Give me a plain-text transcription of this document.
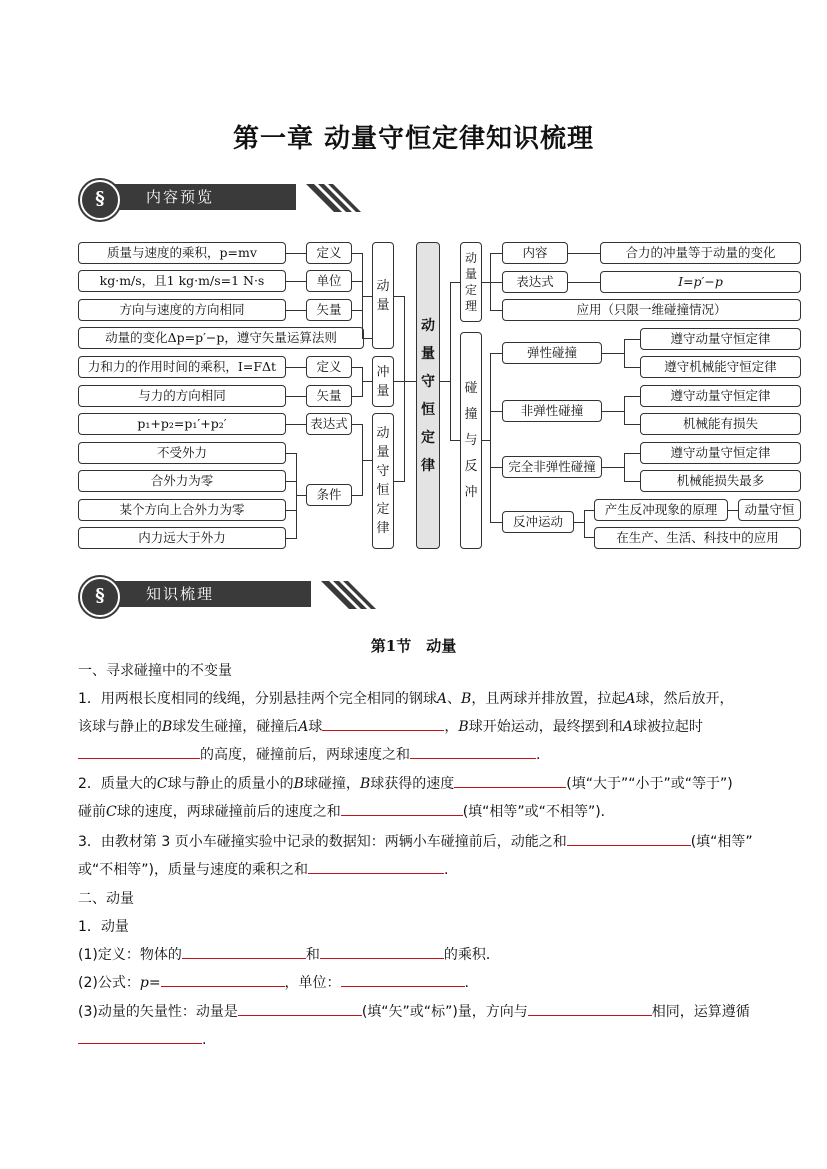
第一章 动量守恒定律知识梳理
内容预览
§
质量与速度的乘积，p=mv
kg·m/s，且1 kg·m/s=1 N·s
方向与速度的方向相同
动量的变化Δp=p′−p，遵守矢量运算法则
力和力的作用时间的乘积，I=FΔt
与力的方向相同
p₁+p₂=p₁′+p₂′
不受外力
合外力为零
某个方向上合外力为零
内力远大于外力
定义
单位
矢量
定义
矢量
表达式
条件
动量
冲量
动量守恒定律
动量守恒定律
动量定理
碰撞与反冲
内容
表达式
应用（只限一维碰撞情况）
合力的冲量等于动量的变化
I=p′−p
弹性碰撞
非弹性碰撞
完全非弹性碰撞
反冲运动
遵守动量守恒定律
遵守机械能守恒定律
遵守动量守恒定律
机械能有损失
遵守动量守恒定律
机械能损失最多
产生反冲现象的原理
在生产、生活、科技中的应用
动量守恒
知识梳理
§
第1节　动量
一、寻求碰撞中的不变量
1．用两根长度相同的线绳，分别悬挂两个完全相同的钢球A、B，且两球并排放置，拉起A球，然后放开，
该球与静止的B球发生碰撞，碰撞后A球	，B球开始运动，最终摆到和A球被拉起时
的高度，碰撞前后，两球速度之和	.
2．质量大的C球与静止的质量小的B球碰撞，B球获得的速度	(填“大于”“小于”或“等于”)
碰前C球的速度，两球碰撞前后的速度之和	(填“相等”或“不相等”)．
3．由教材第 3 页小车碰撞实验中记录的数据知：两辆小车碰撞前后，动能之和	(填“相等”
或“不相等”)，质量与速度的乘积之和	.
二、动量
1．动量
(1)定义：物体的	和	的乘积．
(2)公式：p=	，单位：	.
(3)动量的矢量性：动量是	(填“矢”或“标”)量，方向与	相同，运算遵循
.
